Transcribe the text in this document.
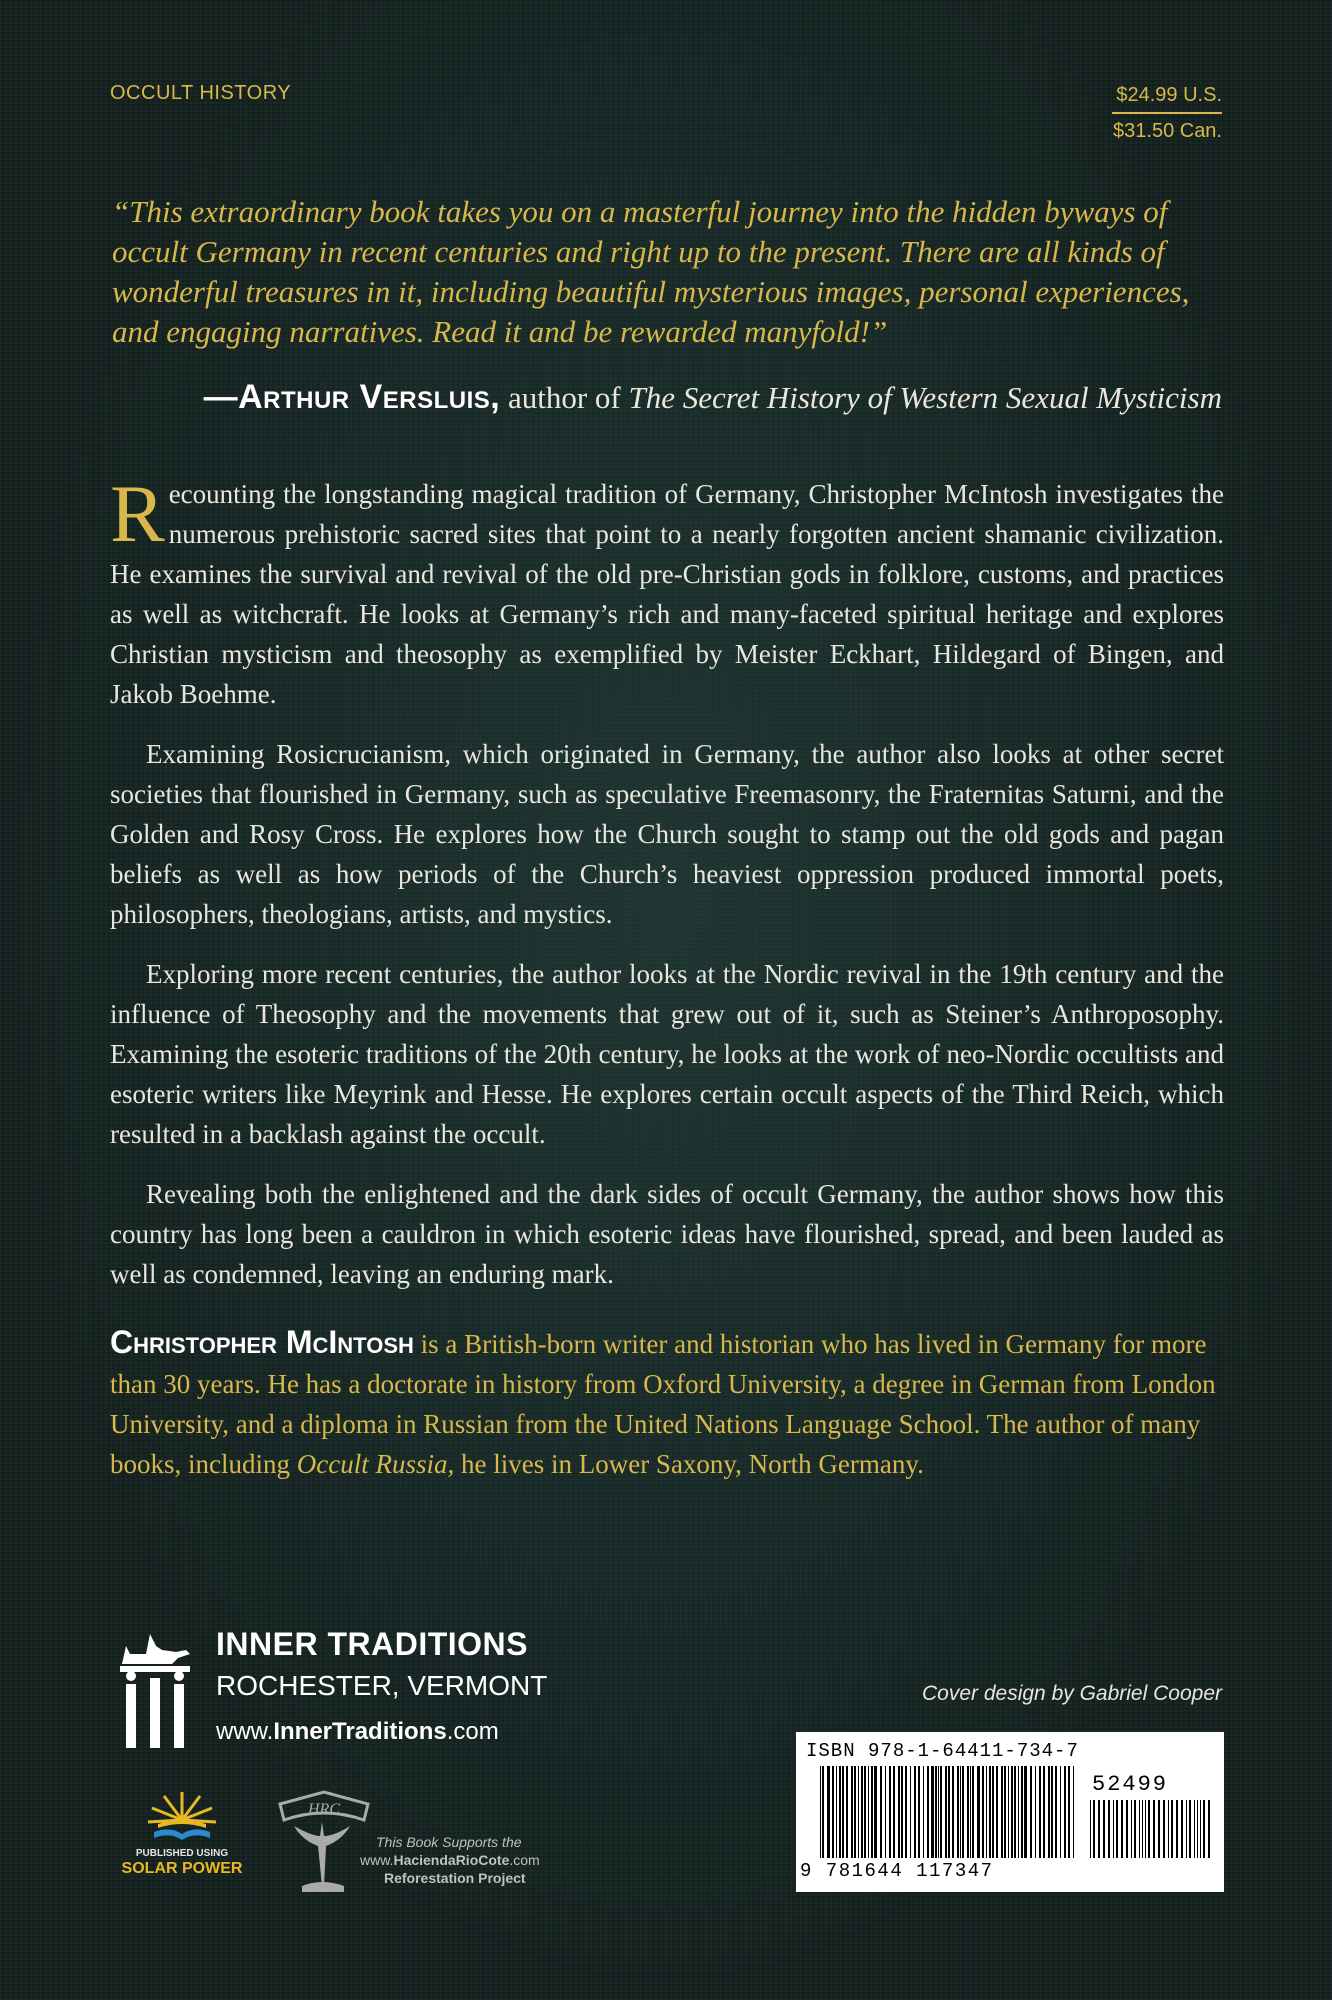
OCCULT HISTORY	$24.99 U.S.
$31.50 Can.
“This extraordinary book takes you on a masterful journey into the hidden byways of occult Germany in recent centuries and right up to the present. There are all kinds of wonderful treasures in it, including beautiful mysterious images, personal experiences, and engaging narratives. Read it and be rewarded manyfold!”
—Arthur Versluis, author of The Secret History of Western Sexual Mysticism

Recounting the longstanding magical tradition of Germany, Christopher McIntosh investigates the numerous prehistoric sacred sites that point to a nearly forgotten ancient shamanic civilization. He examines the survival and revival of the old pre-Christian gods in folklore, customs, and practices as well as witchcraft. He looks at Germany’s rich and many-faceted spiritual heritage and explores Christian mysticism and theosophy as exemplified by Meister Eckhart, Hildegard of Bingen, and Jakob Boehme.

Examining Rosicrucianism, which originated in Germany, the author also looks at other secret societies that flourished in Germany, such as speculative Freemasonry, the Fraternitas Saturni, and the Golden and Rosy Cross. He explores how the Church sought to stamp out the old gods and pagan beliefs as well as how periods of the Church’s heaviest oppression produced immortal poets, philosophers, theologians, artists, and mystics.

Exploring more recent centuries, the author looks at the Nordic revival in the 19th century and the influence of Theosophy and the movements that grew out of it, such as Steiner’s Anthroposophy. Examining the esoteric traditions of the 20th century, he looks at the work of neo-Nordic occultists and esoteric writers like Meyrink and Hesse. He explores certain occult aspects of the Third Reich, which resulted in a backlash against the occult.

Revealing both the enlightened and the dark sides of occult Germany, the author shows how this country has long been a cauldron in which esoteric ideas have flourished, spread, and been lauded as well as condemned, leaving an enduring mark.

Christopher McIntosh is a British-born writer and historian who has lived in Germany for more than 30 years. He has a doctorate in history from Oxford University, a degree in German from London University, and a diploma in Russian from the United Nations Language School. The author of many books, including Occult Russia, he lives in Lower Saxony, North Germany.
INNER TRADITIONS
ROCHESTER, VERMONT
www.InnerTraditions.com
PUBLISHED USING
SOLAR POWER
HRC
This Book Supports the
www.HaciendaRioCote.com
Reforestation Project
Cover design by Gabriel Cooper
ISBN 978-1-64411-734-7
52499
9 781644 117347
